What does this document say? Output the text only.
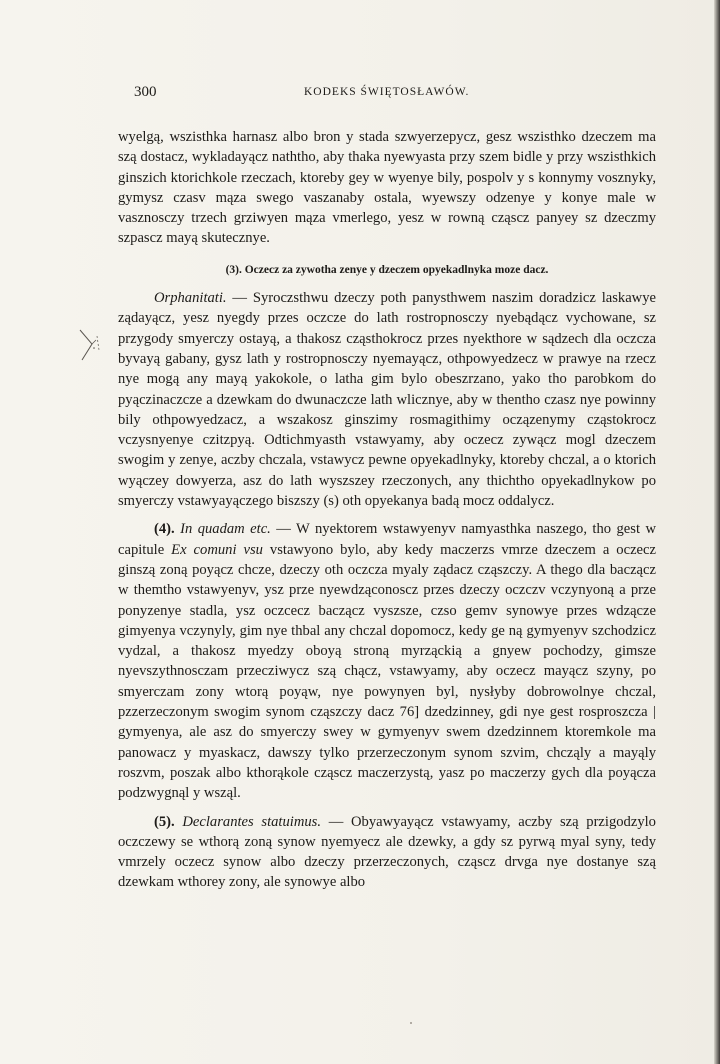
300	KODEKS ŚWIĘTOSŁAWÓW.

wyelgą, wszisthka harnasz albo bron y stada szwyerzepycz, gesz wszisthko dzeczem ma szą dostacz, wykladayącz naththo, aby thaka nyewyasta przy szem bidle y przy wszisthkich ginszich ktorichkole rzeczach, ktoreby gey w wyenye bily, pospolv y s konnymy vosznyky, gymysz czasv mąza swego vaszanaby ostala, wyewszy odzenye y konye male w vasznosczy trzech grziwyen mąza vmerlego, yesz w rowną cząscz panyey sz dzeczmy szpascz mayą skutecznye.

(3). Oczecz za zywotha zenye y dzeczem opyekadlnyka moze dacz.

Orphanitati. — Syroczsthwu dzeczy poth panysthwem naszim doradzicz laskawye ządayącz, yesz nyegdy przes oczcze do lath rostropnosczy nyebądącz vychowane, sz przygody smyerczy ostayą, a thakosz cząsthokrocz przes nyekthore w sądzech dla oczcza byvayą gabany, gysz lath y rostropnosczy nyemayącz, othpowyedzecz w prawye na rzecz nye mogą any mayą yakokole, o latha gim bylo obeszrzano, yako tho parobkom do pyączinaczcze a dzewkam do dwunaczcze lath wlicznye, aby w thentho czasz nye powinny bily othpowyedzacz, a wszakosz ginszimy rosmagithimy oczązenymy cząstokrocz vczysnyenye czitzpyą. Odtichmyasth vstawyamy, aby oczecz zywącz mogl dzeczem swogim y zenye, aczby chczala, vstawycz pewne opyekadlnyky, ktoreby chczal, a o ktorich wyączey dowyerza, asz do lath wyszszey rzeczonych, any thichtho opyekadlnykow po smyerczy vstawyayączego biszszy (s) oth opyekanya badą mocz oddalycz.

(4). In quadam etc. — W nyektorem wstawyenyv namyasthka naszego, tho gest w capitule Ex comuni vsu vstawyono bylo, aby kedy maczerzs vmrze dzeczem a oczecz ginszą zoną poyącz chcze, dzeczy oth oczcza myaly ządacz cząszczy. A thego dla baczącz w themtho vstawyenyv, ysz prze nyewdząconoscz przes dzeczy oczczv vczynyoną a prze ponyzenye stadla, ysz oczcecz baczącz vyszsze, czso gemv synowye przes wdzącze gimyenya vczynyly, gim nye thbal any chczal dopomocz, kedy ge ną gymyenyv szchodzicz vydzal, a thakosz myedzy oboyą stroną myrząckią a gnyew pochodzy, gimsze nyevszythnosczam przecziwycz szą chącz, vstawyamy, aby oczecz mayącz szyny, po smyerczam zony wtorą poyąw, nye powynyen byl, nysłyby dobrowolnye chczal, pzzerzeczonym swogim synom cząszczy dacz 76] dzedzinney, gdi nye gest rosproszcza | gymyenya, ale asz do smyerczy swey w gymyenyv swem dzedzinnem ktoremkole ma panowacz y myaskacz, dawszy tylko przerzeczonym synom szvim, chcząly a mayąly roszvm, poszak albo kthorąkole cząscz maczerzystą, yasz po maczerzy gych dla poyącza podzwygnąl y wsząl.

(5). Declarantes statuimus. — Obyawyayącz vstawyamy, aczby szą przigodzylo oczczewy se wthorą zoną synow nyemyecz ale dzewky, a gdy sz pyrwą myal syny, tedy vmrzely oczecz synow albo dzeczy przerzeczonych, cząscz drvga nye dostanye szą dzewkam wthorey zony, ale synowye albo
